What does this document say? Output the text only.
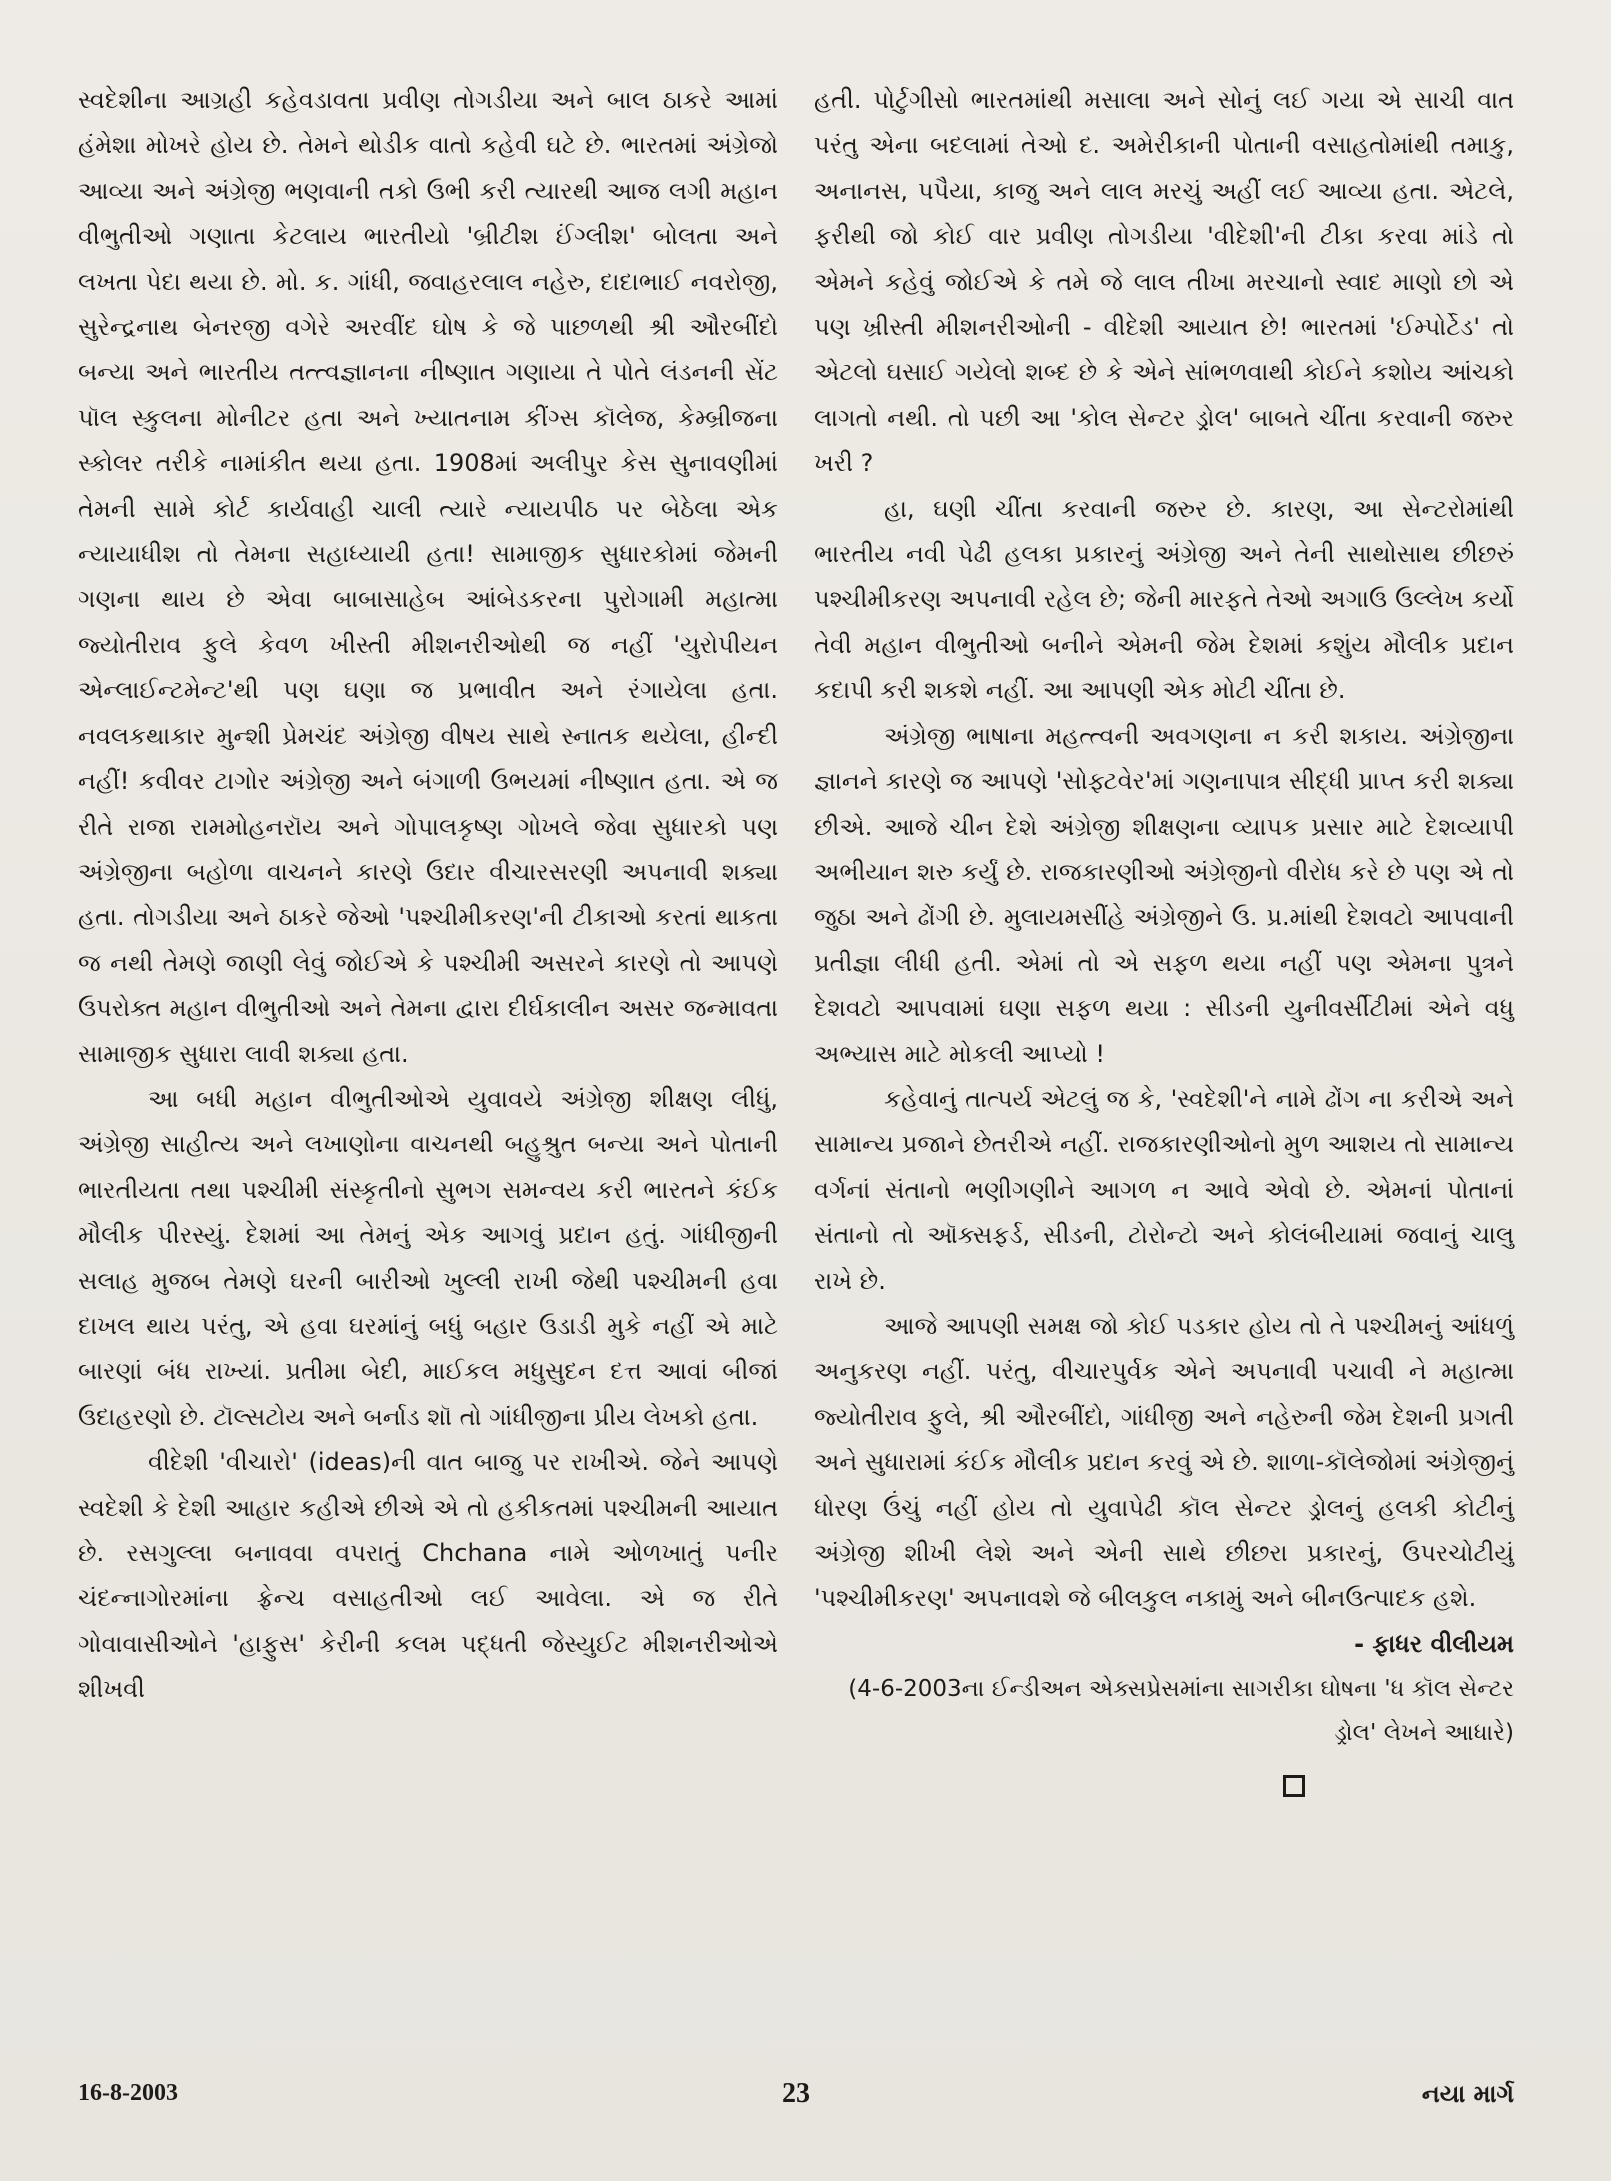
સ્વદેશીના આગ્રહી કહેવડાવતા પ્રવીણ તોગડીયા અને બાલ ઠાકરે આમાં હંમેશા મોખરે હોય છે. તેમને થોડીક વાતો કહેવી ઘટે છે. ભારતમાં અંગ્રેજો આવ્યા અને અંગ્રેજી ભણવાની તકો ઉભી કરી ત્યારથી આજ લગી મહાન વીભુતીઓ ગણાતા કેટલાય ભારતીયો 'બ્રીટીશ ઈંગ્લીશ' બોલતા અને લખતા પેદા થયા છે. મો. ક. ગાંધી, જવાહરલાલ નહેરુ, દાદાભાઈ નવરોજી, સુરેન્દ્રનાથ બેનરજી વગેરે અરવીંદ ઘોષ કે જે પાછળથી શ્રી ઔરબીંદો બન્યા અને ભારતીય તત્ત્વજ્ઞાનના નીષ્ણાત ગણાયા તે પોતે લંડનની સેંટ પૉલ સ્કુલના મોનીટર હતા અને ખ્યાતનામ કીંગ્સ કૉલેજ, કેમ્બ્રીજના સ્કોલર તરીકે નામાંકીત થયા હતા. 1908માં અલીપુર કેસ સુનાવણીમાં તેમની સામે કોર્ટ કાર્યવાહી ચાલી ત્યારે ન્યાયપીઠ પર બેઠેલા એક ન્યાયાધીશ તો તેમના સહાધ્યાયી હતા! સામાજીક સુધારકોમાં જેમની ગણના થાય છે એવા બાબાસાહેબ આંબેડકરના પુરોગામી મહાત્મા જ્યોતીરાવ ફુલે કેવળ ખીસ્તી મીશનરીઓથી જ નહીં 'યુરોપીયન એન્લાઈન્ટમેન્ટ'થી પણ ઘણા જ પ્રભાવીત અને રંગાયેલા હતા. નવલકથાકાર મુન્શી પ્રેમચંદ અંગ્રેજી વીષય સાથે સ્નાતક થયેલા, હીન્દી નહીં! કવીવર ટાગોર અંગ્રેજી અને બંગાળી ઉભયમાં નીષ્ણાત હતા. એ જ રીતે રાજા રામમોહનરૉય અને ગોપાલકૃષ્ણ ગોખલે જેવા સુધારકો પણ અંગ્રેજીના બહોળા વાચનને કારણે ઉદાર વીચારસરણી અપનાવી શક્યા હતા. તોગડીયા અને ઠાકરે જેઓ 'પશ્ચીમીકરણ'ની ટીકાઓ કરતાં થાકતા જ નથી તેમણે જાણી લેવું જોઈએ કે પશ્ચીમી અસરને કારણે તો આપણે ઉપરોક્ત મહાન વીભુતીઓ અને તેમના દ્વારા દીર્ઘકાલીન અસર જન્માવતા સામાજીક સુધારા લાવી શક્યા હતા.

આ બધી મહાન વીભુતીઓએ યુવાવયે અંગ્રેજી શીક્ષણ લીધું, અંગ્રેજી સાહીત્ય અને લખાણોના વાચનથી બહુશ્રુત બન્યા અને પોતાની ભારતીયતા તથા પશ્ચીમી સંસ્કૃતીનો સુભગ સમન્વય કરી ભારતને કંઈક મૌલીક પીરસ્યું. દેશમાં આ તેમનું એક આગવું પ્રદાન હતું. ગાંધીજીની સલાહ મુજબ તેમણે ઘરની બારીઓ ખુલ્લી રાખી જેથી પશ્ચીમની હવા દાખલ થાય પરંતુ, એ હવા ઘરમાંનું બધું બહાર ઉડાડી મુકે નહીં એ માટે બારણાં બંધ રાખ્યાં. પ્રતીમા બેદી, માઈકલ મધુસુદન દત્ત આવાં બીજાં ઉદાહરણો છે. ટૉલ્સટોય અને બર્નાડ શૉ તો ગાંધીજીના પ્રીય લેખકો હતા.

વીદેશી 'વીચારો' (ideas)ની વાત બાજુ પર રાખીએ. જેને આપણે સ્વદેશી કે દેશી આહાર કહીએ છીએ એ તો હકીકતમાં પશ્ચીમની આયાત છે. રસગુલ્લા બનાવવા વપરાતું Chchana નામે ઓળખાતું પનીર ચંદન્નાગોરમાંના ફ્રેન્ચ વસાહતીઓ લઈ આવેલા. એ જ રીતે ગોવાવાસીઓને 'હાફુસ' કેરીની કલમ પદ્ધતી જેસ્યુઈટ મીશનરીઓએ શીખવી

હતી. પોર્ટુગીસો ભારતમાંથી મસાલા અને સોનું લઈ ગયા એ સાચી વાત પરંતુ એના બદલામાં તેઓ દ. અમેરીકાની પોતાની વસાહતોમાંથી તમાકુ, અનાનસ, પપૈયા, કાજુ અને લાલ મરચું અહીં લઈ આવ્યા હતા. એટલે, ફરીથી જો કોઈ વાર પ્રવીણ તોગડીયા 'વીદેશી'ની ટીકા કરવા માંડે તો એમને કહેવું જોઈએ કે તમે જે લાલ તીખા મરચાનો સ્વાદ માણો છો એ પણ ખ્રીસ્તી મીશનરીઓની - વીદેશી આયાત છે! ભારતમાં 'ઈમ્પોર્ટેડ' તો એટલો ઘસાઈ ગયેલો શબ્દ છે કે એને સાંભળવાથી કોઈને કશોય આંચકો લાગતો નથી. તો પછી આ 'કોલ સેન્ટર ડ્રોલ' બાબતે ચીંતા કરવાની જરુર ખરી ?

હા, ઘણી ચીંતા કરવાની જરુર છે. કારણ, આ સેન્ટરોમાંથી ભારતીય નવી પેઢી હલકા પ્રકારનું અંગ્રેજી અને તેની સાથોસાથ છીછરું પશ્ચીમીકરણ અપનાવી રહેલ છે; જેની મારફતે તેઓ અગાઉ ઉલ્લેખ કર્યો તેવી મહાન વીભુતીઓ બનીને એમની જેમ દેશમાં કશુંય મૌલીક પ્રદાન કદાપી કરી શકશે નહીં. આ આપણી એક મોટી ચીંતા છે.

અંગ્રેજી ભાષાના મહત્ત્વની અવગણના ન કરી શકાય. અંગ્રેજીના જ્ઞાનને કારણે જ આપણે 'સોફ્ટવેર'માં ગણનાપાત્ર સીદ્ધી પ્રાપ્ત કરી શક્યા છીએ. આજે ચીન દેશે અંગ્રેજી શીક્ષણના વ્યાપક પ્રસાર માટે દેશવ્યાપી અભીયાન શરુ કર્યું છે. રાજકારણીઓ અંગ્રેજીનો વીરોધ કરે છે પણ એ તો જુઠા અને ઢોંગી છે. મુલાયમસીંહે અંગ્રેજીને ઉ. પ્ર.માંથી દેશવટો આપવાની પ્રતીજ્ઞા લીધી હતી. એમાં તો એ સફળ થયા નહીં પણ એમના પુત્રને દેશવટો આપવામાં ઘણા સફળ થયા : સીડની યુનીવર્સીટીમાં એને વધુ અભ્યાસ માટે મોકલી આપ્યો !

કહેવાનું તાત્પર્ય એટલું જ કે, 'સ્વદેશી'ને નામે ઢોંગ ના કરીએ અને સામાન્ય પ્રજાને છેતરીએ નહીં. રાજકારણીઓનો મુળ આશય તો સામાન્ય વર્ગનાં સંતાનો ભણીગણીને આગળ ન આવે એવો છે. એમનાં પોતાનાં સંતાનો તો ઑક્સફર્ડ, સીડની, ટોરોન્ટો અને કોલંબીયામાં જવાનું ચાલુ રાખે છે.

આજે આપણી સમક્ષ જો કોઈ પડકાર હોય તો તે પશ્ચીમનું આંધળું અનુકરણ નહીં. પરંતુ, વીચારપુર્વક એને અપનાવી પચાવી ને મહાત્મા જ્યોતીરાવ ફુલે, શ્રી ઔરબીંદો, ગાંધીજી અને નહેરુની જેમ દેશની પ્રગતી અને સુધારામાં કંઈક મૌલીક પ્રદાન કરવું એ છે. શાળા-કૉલેજોમાં અંગ્રેજીનું ધોરણ ઉંચું નહીં હોય તો યુવાપેઢી કૉલ સેન્ટર ડ્રોલનું હલકી કોટીનું અંગ્રેજી શીખી લેશે અને એની સાથે છીછરા પ્રકારનું, ઉપરચોટીયું 'પશ્ચીમીકરણ' અપનાવશે જે બીલકુલ નકામું અને બીનઉત્પાદક હશે.

- ફાધર વીલીયમ

(4-6-2003ના ઈન્ડીઅન એક્સપ્રેસમાંના સાગરીકા ઘોષના 'ધ કૉલ સેન્ટર ડ્રોલ' લેખને આધારે)

16-8-2003	23	નયા માર્ગ
